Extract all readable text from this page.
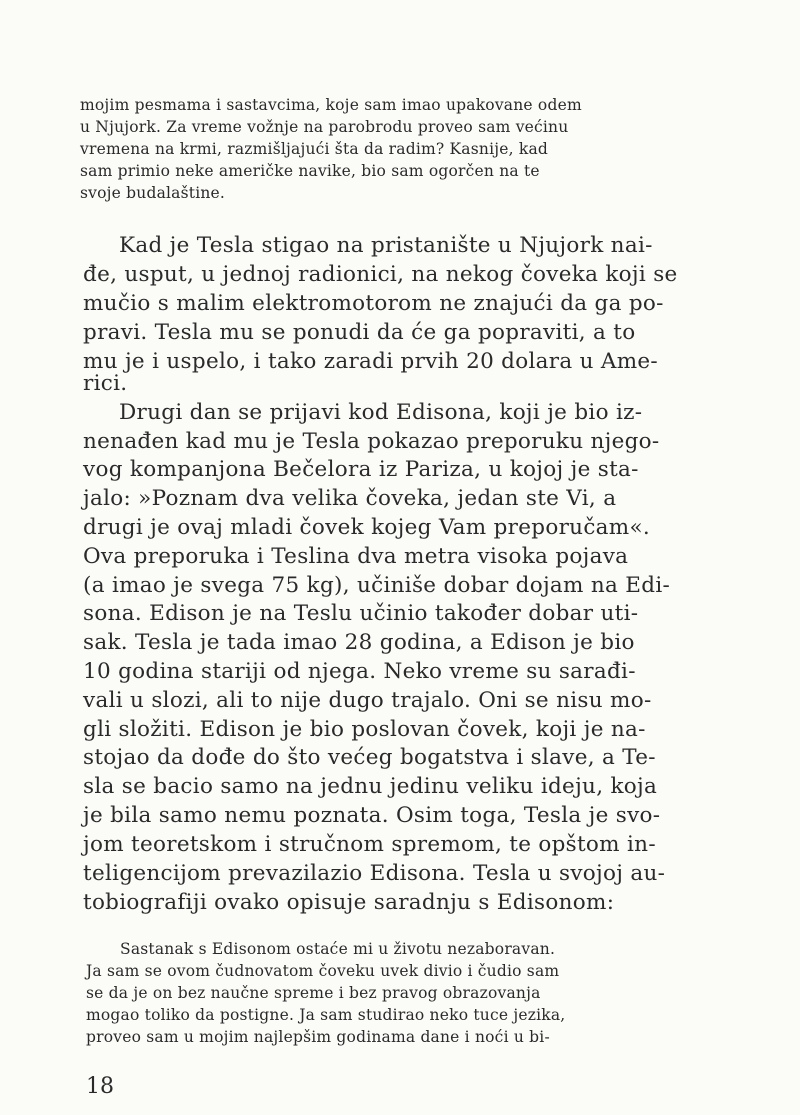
mojim pesmama i sastavcima, koje sam imao upakovane odem
u Njujork. Za vreme vožnje na parobrodu proveo sam većinu
vremena na krmi, razmišljajući šta da radim? Kasnije, kad
sam primio neke američke navike, bio sam ogorčen na te
svoje budalaštine.
Kad je Tesla stigao na pristanište u Njujork nai-
đe, usput, u jednoj radionici, na nekog čoveka koji se
mučio s malim elektromotorom ne znajući da ga po-
pravi. Tesla mu se ponudi da će ga popraviti, a to
mu je i uspelo, i tako zaradi prvih 20 dolara u Ame-
rici.
Drugi dan se prijavi kod Edisona, koji je bio iz-
nenađen kad mu je Tesla pokazao preporuku njego-
vog kompanjona Bečelora iz Pariza, u kojoj je sta-
jalo: »Poznam dva velika čoveka, jedan ste Vi, a
drugi je ovaj mladi čovek kojeg Vam preporučam«.
Ova preporuka i Teslina dva metra visoka pojava
(a imao je svega 75 kg), učiniše dobar dojam na Edi-
sona. Edison je na Teslu učinio također dobar uti-
sak. Tesla je tada imao 28 godina, a Edison je bio
10 godina stariji od njega. Neko vreme su sarađi-
vali u slozi, ali to nije dugo trajalo. Oni se nisu mo-
gli složiti. Edison je bio poslovan čovek, koji je na-
stojao da dođe do što većeg bogatstva i slave, a Te-
sla se bacio samo na jednu jedinu veliku ideju, koja
je bila samo nemu poznata. Osim toga, Tesla je svo-
jom teoretskom i stručnom spremom, te opštom in-
teligencijom prevazilazio Edisona. Tesla u svojoj au-
tobiografiji ovako opisuje saradnju s Edisonom:
Sastanak s Edisonom ostaće mi u životu nezaboravan.
Ja sam se ovom čudnovatom čoveku uvek divio i čudio sam
se da je on bez naučne spreme i bez pravog obrazovanja
mogao toliko da postigne. Ja sam studirao neko tuce jezika,
proveo sam u mojim najlepšim godinama dane i noći u bi-
18
